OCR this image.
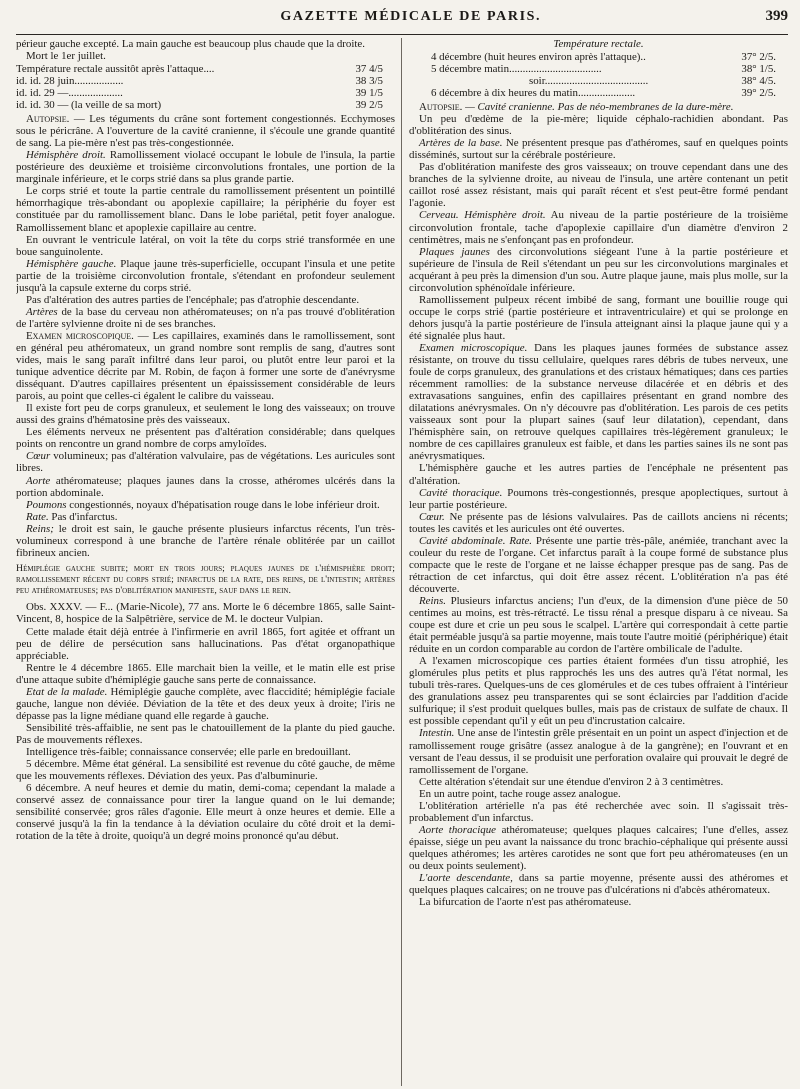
GAZETTE MÉDICALE DE PARIS.	399

périeur gauche excepté. La main gauche est beaucoup plus chaude que la droite.

Mort le 1er juillet.

Température rectale aussitôt après l'attaque....	37 4/5
id. id. 28 juin..................	38 3/5
id. id. 29 —....................	39 1/5
id. id. 30 — (la veille de sa mort)	39 2/5

Autopsie. — Les téguments du crâne sont fortement congestionnés. Ecchymoses sous le péricrâne. A l'ouverture de la cavité cranienne, il s'écoule une grande quantité de sang. La pie-mère n'est pas très-congestionnée.

Hémisphère droit. Ramollissement violacé occupant le lobule de l'insula, la partie postérieure des deuxième et troisième circonvolutions frontales, une portion de la marginale inférieure, et le corps strié dans sa plus grande partie.

Le corps strié et toute la partie centrale du ramollissement présentent un pointillé hémorrhagique très-abondant ou apoplexie capillaire; la périphérie du foyer est constituée par du ramollissement blanc. Dans le lobe pariétal, petit foyer analogue. Ramollissement blanc et apoplexie capillaire au centre.

En ouvrant le ventricule latéral, on voit la tête du corps strié transformée en une boue sanguinolente.

Hémisphère gauche. Plaque jaune très-superficielle, occupant l'insula et une petite partie de la troisième circonvolution frontale, s'étendant en profondeur seulement jusqu'à la capsule externe du corps strié.

Pas d'altération des autres parties de l'encéphale; pas d'atrophie descendante.

Artères de la base du cerveau non athéromateuses; on n'a pas trouvé d'oblitération de l'artère sylvienne droite ni de ses branches.

Examen microscopique. — Les capillaires, examinés dans le ramollissement, sont en général peu athéromateux, un grand nombre sont remplis de sang, d'autres sont vides, mais le sang paraît infiltré dans leur paroi, ou plutôt entre leur paroi et la tunique adventice décrite par M. Robin, de façon à former une sorte de d'anévrysme disséquant. D'autres capillaires présentent un épaississement considérable de leurs parois, au point que celles-ci égalent le calibre du vaisseau.

Il existe fort peu de corps granuleux, et seulement le long des vaisseaux; on trouve aussi des grains d'hématosine près des vaisseaux.

Les éléments nerveux ne présentent pas d'altération considérable; dans quelques points on rencontre un grand nombre de corps amyloïdes.

Cœur volumineux; pas d'altération valvulaire, pas de végétations. Les auricules sont libres.

Aorte athéromateuse; plaques jaunes dans la crosse, athéromes ulcérés dans la portion abdominale.

Poumons congestionnés, noyaux d'hépatisation rouge dans le lobe inférieur droit.

Rate. Pas d'infarctus.

Reins; le droit est sain, le gauche présente plusieurs infarctus récents, l'un très-volumineux correspond à une branche de l'artère rénale oblitérée par un caillot fibrineux ancien.

Hémiplégie gauche subite; mort en trois jours; plaques jaunes de l'hémisphère droit; ramollissement récent du corps strié; infarctus de la rate, des reins, de l'intestin; artères peu athéromateuses; pas d'oblitération manifeste, sauf dans le rein.

Obs. XXXV. — F... (Marie-Nicole), 77 ans. Morte le 6 décembre 1865, salle Saint-Vincent, 8, hospice de la Salpêtrière, service de M. le docteur Vulpian.

Cette malade était déjà entrée à l'infirmerie en avril 1865, fort agitée et offrant un peu de délire de persécution sans hallucinations. Pas d'état organopathique appréciable.

Rentre le 4 décembre 1865. Elle marchait bien la veille, et le matin elle est prise d'une attaque subite d'hémiplégie gauche sans perte de connaissance.

Etat de la malade. Hémiplégie gauche complète, avec flaccidité; hémiplégie faciale gauche, langue non déviée. Déviation de la tête et des deux yeux à droite; l'iris ne dépasse pas la ligne médiane quand elle regarde à gauche.

Sensibilité très-affaiblie, ne sent pas le chatouillement de la plante du pied gauche. Pas de mouvements réflexes.

Intelligence très-faible; connaissance conservée; elle parle en bredouillant.

5 décembre. Même état général. La sensibilité est revenue du côté gauche, de même que les mouvements réflexes. Déviation des yeux. Pas d'albuminurie.

6 décembre. A neuf heures et demie du matin, demi-coma; cependant la malade a conservé assez de connaissance pour tirer la langue quand on le lui demande; sensibilité conservée; gros râles d'agonie. Elle meurt à onze heures et demie. Elle a conservé jusqu'à la fin la tendance à la déviation oculaire du côté droit et la demi-rotation de la tête à droite, quoiqu'à un degré moins prononcé qu'au début.

Température rectale.

4 décembre (huit heures environ après l'attaque)..	37° 2/5.
5 décembre matin..................................	38° 1/5.
soir......................................	38° 4/5.
6 décembre à dix heures du matin.....................	39° 2/5.

Autopsie. — Cavité cranienne. Pas de néo-membranes de la dure-mère.

Un peu d'œdème de la pie-mère; liquide céphalo-rachidien abondant. Pas d'oblitération des sinus.

Artères de la base. Ne présentent presque pas d'athéromes, sauf en quelques points disséminés, surtout sur la cérébrale postérieure.

Pas d'oblitération manifeste des gros vaisseaux; on trouve cependant dans une des branches de la sylvienne droite, au niveau de l'insula, une artère contenant un petit caillot rosé assez résistant, mais qui paraît récent et s'est peut-être formé pendant l'agonie.

Cerveau. Hémisphère droit. Au niveau de la partie postérieure de la troisième circonvolution frontale, tache d'apoplexie capillaire d'un diamètre d'environ 2 centimètres, mais ne s'enfonçant pas en profondeur.

Plaques jaunes des circonvolutions siégeant l'une à la partie postérieure et supérieure de l'insula de Reil s'étendant un peu sur les circonvolutions marginales et acquérant à peu près la dimension d'un sou. Autre plaque jaune, mais plus molle, sur la circonvolution sphénoïdale inférieure.

Ramollissement pulpeux récent imbibé de sang, formant une bouillie rouge qui occupe le corps strié (partie postérieure et intraventriculaire) et qui se prolonge en dehors jusqu'à la partie postérieure de l'insula atteignant ainsi la plaque jaune qui y a été signalée plus haut.

Examen microscopique. Dans les plaques jaunes formées de substance assez résistante, on trouve du tissu cellulaire, quelques rares débris de tubes nerveux, une foule de corps granuleux, des granulations et des cristaux hématiques; dans ces parties récemment ramollies: de la substance nerveuse dilacérée et en débris et des extravasations sanguines, enfin des capillaires présentant en grand nombre des dilatations anévrysmales. On n'y découvre pas d'oblitération. Les parois de ces petits vaisseaux sont pour la plupart saines (sauf leur dilatation), cependant, dans l'hémisphère sain, on retrouve quelques capillaires très-légèrement granuleux; le nombre de ces capillaires granuleux est faible, et dans les parties saines ils ne sont pas anévrysmatiques.

L'hémisphère gauche et les autres parties de l'encéphale ne présentent pas d'altération.

Cavité thoracique. Poumons très-congestionnés, presque apoplectiques, surtout à leur partie postérieure.

Cœur. Ne présente pas de lésions valvulaires. Pas de caillots anciens ni récents; toutes les cavités et les auricules ont été ouvertes.

Cavité abdominale. Rate. Présente une partie très-pâle, anémiée, tranchant avec la couleur du reste de l'organe. Cet infarctus paraît à la coupe formé de substance plus compacte que le reste de l'organe et ne laisse échapper presque pas de sang. Pas de rétraction de cet infarctus, qui doit être assez récent. L'oblitération n'a pas été découverte.

Reins. Plusieurs infarctus anciens; l'un d'eux, de la dimension d'une pièce de 50 centimes au moins, est très-rétracté. Le tissu rénal a presque disparu à ce niveau. Sa coupe est dure et crie un peu sous le scalpel. L'artère qui correspondait à cette partie était perméable jusqu'à sa partie moyenne, mais toute l'autre moitié (périphérique) était réduite en un cordon comparable au cordon de l'artère ombilicale de l'adulte.

A l'examen microscopique ces parties étaient formées d'un tissu atrophié, les glomérules plus petits et plus rapprochés les uns des autres qu'à l'état normal, les tubuli très-rares. Quelques-uns de ces glomérules et de ces tubes offraient à l'intérieur des granulations assez peu transparentes qui se sont éclaircies par l'addition d'acide sulfurique; il s'est produit quelques bulles, mais pas de cristaux de sulfate de chaux. Il est possible cependant qu'il y eût un peu d'incrustation calcaire.

Intestin. Une anse de l'intestin grêle présentait en un point un aspect d'injection et de ramollissement rouge grisâtre (assez analogue à de la gangrène); en l'ouvrant et en versant de l'eau dessus, il se produisit une perforation ovalaire qui prouvait le degré de ramollissement de l'organe.

Cette altération s'étendait sur une étendue d'environ 2 à 3 centimètres.

En un autre point, tache rouge assez analogue.

L'oblitération artérielle n'a pas été recherchée avec soin. Il s'agissait très-probablement d'un infarctus.

Aorte thoracique athéromateuse; quelques plaques calcaires; l'une d'elles, assez épaisse, siége un peu avant la naissance du tronc brachio-céphalique qui présente aussi quelques athéromes; les artères carotides ne sont que fort peu athéromateuses (en un ou deux points seulement).

L'aorte descendante, dans sa partie moyenne, présente aussi des athéromes et quelques plaques calcaires; on ne trouve pas d'ulcérations ni d'abcès athéromateux.

La bifurcation de l'aorte n'est pas athéromateuse.
